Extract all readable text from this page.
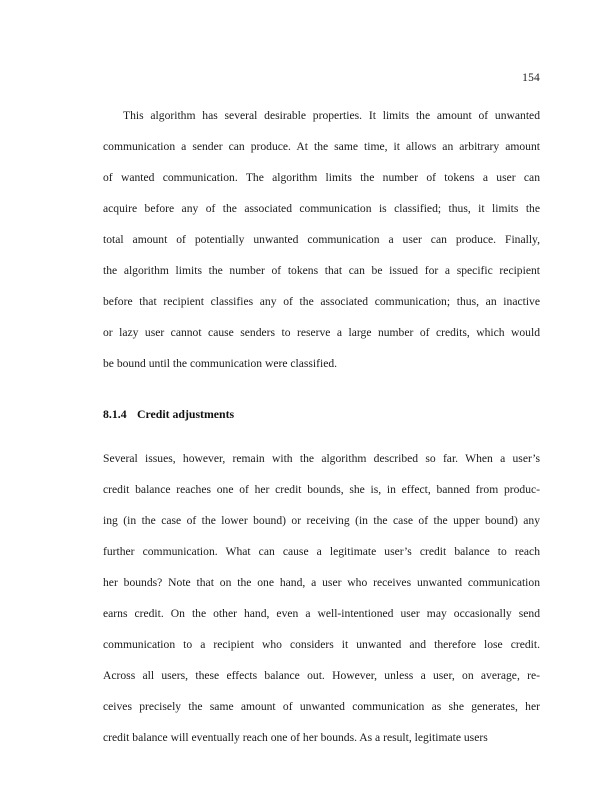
154
This algorithm has several desirable properties. It limits the amount of unwanted
communication a sender can produce. At the same time, it allows an arbitrary amount
of wanted communication. The algorithm limits the number of tokens a user can
acquire before any of the associated communication is classified; thus, it limits the
total amount of potentially unwanted communication a user can produce. Finally,
the algorithm limits the number of tokens that can be issued for a specific recipient
before that recipient classifies any of the associated communication; thus, an inactive
or lazy user cannot cause senders to reserve a large number of credits, which would
be bound until the communication were classified.
8.1.4 Credit adjustments
Several issues, however, remain with the algorithm described so far. When a user’s
credit balance reaches one of her credit bounds, she is, in effect, banned from produc-
ing (in the case of the lower bound) or receiving (in the case of the upper bound) any
further communication. What can cause a legitimate user’s credit balance to reach
her bounds? Note that on the one hand, a user who receives unwanted communication
earns credit. On the other hand, even a well-intentioned user may occasionally send
communication to a recipient who considers it unwanted and therefore lose credit.
Across all users, these effects balance out. However, unless a user, on average, re-
ceives precisely the same amount of unwanted communication as she generates, her
credit balance will eventually reach one of her bounds. As a result, legitimate users
